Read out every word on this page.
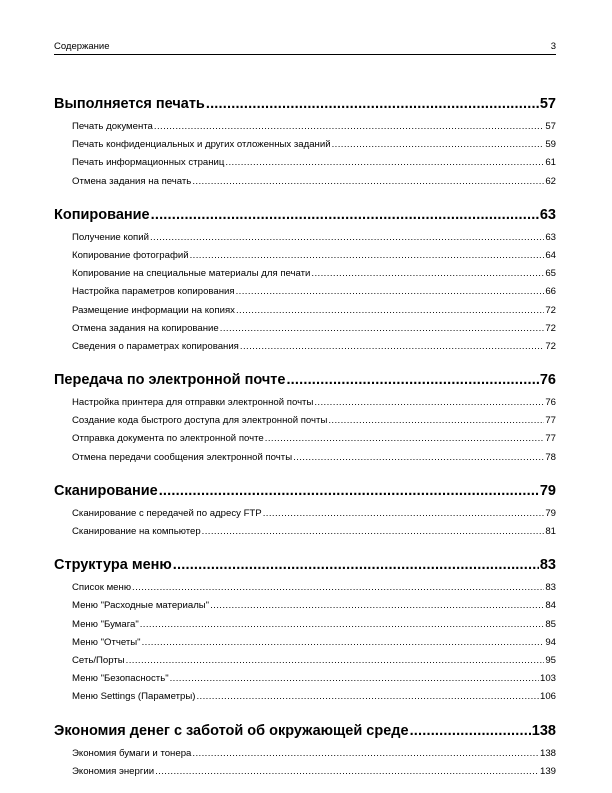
Содержание	3
Выполняется печать .....	57
Печать документа .....	57
Печать конфиденциальных и других отложенных заданий .....	59
Печать информационных страниц .....	61
Отмена задания на печать .....	62
Копирование .....	63
Получение копий .....	63
Копирование фотографий .....	64
Копирование на специальные материалы для печати .....	65
Настройка параметров копирования .....	66
Размещение информации на копиях .....	72
Отмена задания на копирование .....	72
Сведения о параметрах копирования .....	72
Передача по электронной почте .....	76
Настройка принтера для отправки электронной почты .....	76
Создание кода быстрого доступа для электронной почты .....	77
Отправка документа по электронной почте .....	77
Отмена передачи сообщения электронной почты .....	78
Сканирование .....	79
Сканирование с передачей по адресу FTP .....	79
Сканирование на компьютер .....	81
Структура меню .....	83
Список меню .....	83
Меню "Расходные материалы" .....	84
Меню "Бумага" .....	85
Меню "Отчеты" .....	94
Сеть/Порты .....	95
Меню "Безопасность" .....	103
Меню Settings (Параметры) .....	106
Экономия денег с заботой об окружающей среде .....	138
Экономия бумаги и тонера .....	138
Экономия энергии .....	139
